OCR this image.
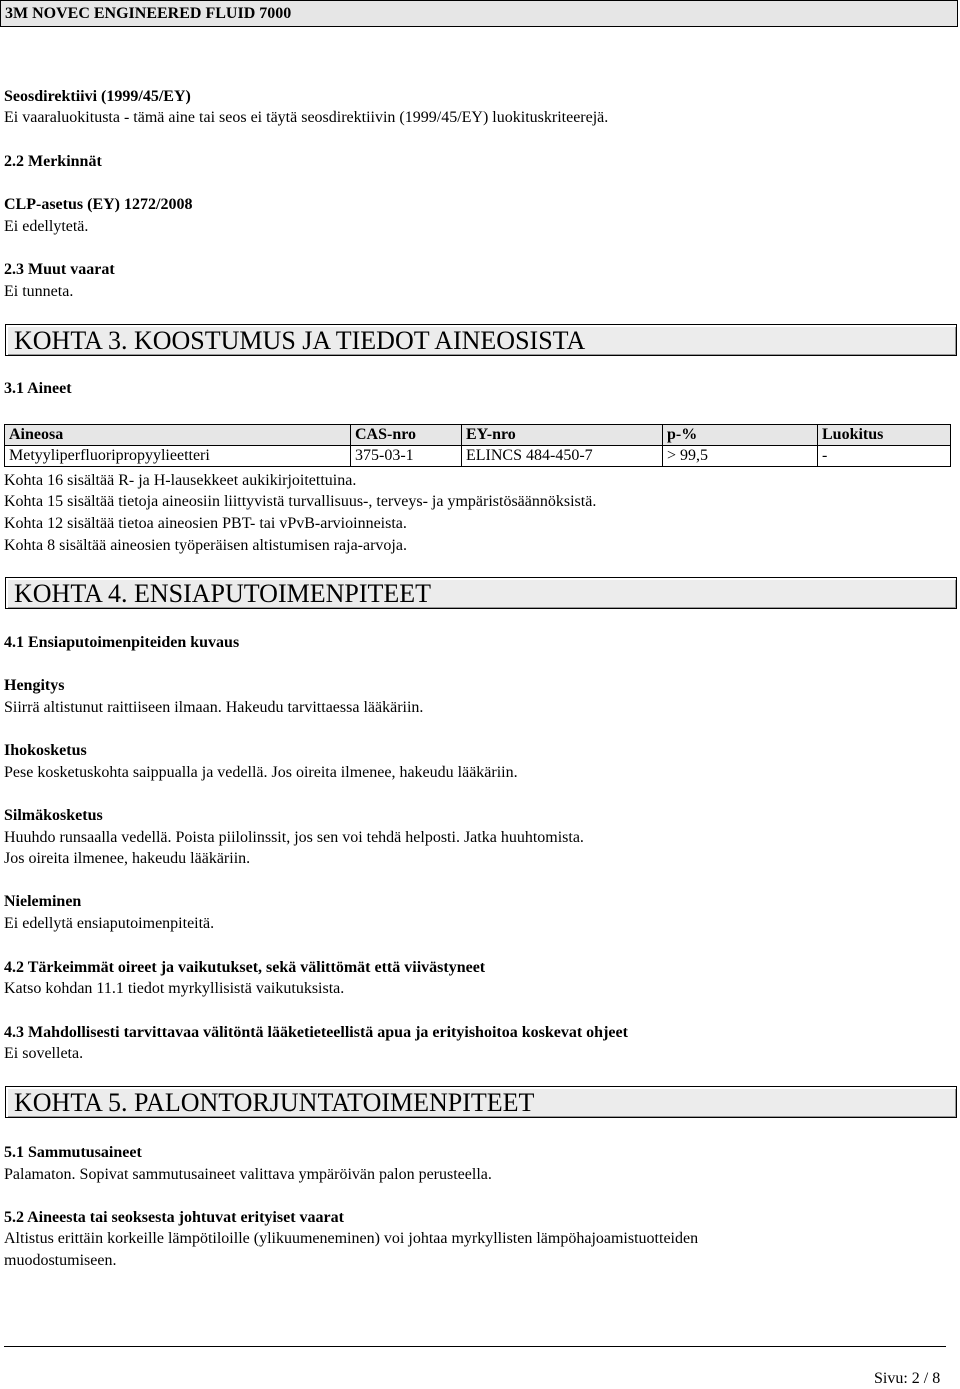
3M NOVEC ENGINEERED FLUID 7000
Seosdirektiivi (1999/45/EY)
Ei vaaraluokitusta - tämä aine tai seos ei täytä seosdirektiivin (1999/45/EY) luokituskriteerejä.
2.2 Merkinnät
CLP-asetus (EY) 1272/2008
Ei edellytetä.
2.3 Muut vaarat
Ei tunneta.
KOHTA 3. KOOSTUMUS JA TIEDOT AINEOSISTA
3.1 Aineet
Aineosa	CAS-nro	EY-nro	p-%	Luokitus
Metyyliperfluoripropyylieetteri	375-03-1	ELINCS 484-450-7	> 99,5	-
Kohta 16 sisältää R- ja H-lausekkeet aukikirjoitettuina.
Kohta 15 sisältää tietoja aineosiin liittyvistä turvallisuus-, terveys- ja ympäristösäännöksistä.
Kohta 12 sisältää tietoa aineosien PBT- tai vPvB-arvioinneista.
Kohta 8 sisältää aineosien työperäisen altistumisen raja-arvoja.
KOHTA 4. ENSIAPUTOIMENPITEET
4.1 Ensiaputoimenpiteiden kuvaus
Hengitys
Siirrä altistunut raittiiseen ilmaan. Hakeudu tarvittaessa lääkäriin.
Ihokosketus
Pese kosketuskohta saippualla ja vedellä. Jos oireita ilmenee, hakeudu lääkäriin.
Silmäkosketus
Huuhdo runsaalla vedellä. Poista piilolinssit, jos sen voi tehdä helposti. Jatka huuhtomista.
Jos oireita ilmenee, hakeudu lääkäriin.
Nieleminen
Ei edellytä ensiaputoimenpiteitä.
4.2 Tärkeimmät oireet ja vaikutukset, sekä välittömät että viivästyneet
Katso kohdan 11.1 tiedot myrkyllisistä vaikutuksista.
4.3 Mahdollisesti tarvittavaa välitöntä lääketieteellistä apua ja erityishoitoa koskevat ohjeet
Ei sovelleta.
KOHTA 5. PALONTORJUNTATOIMENPITEET
5.1 Sammutusaineet
Palamaton. Sopivat sammutusaineet valittava ympäröivän palon perusteella.
5.2 Aineesta tai seoksesta johtuvat erityiset vaarat
Altistus erittäin korkeille lämpötiloille (ylikuumeneminen) voi johtaa myrkyllisten lämpöhajoamistuotteiden
muodostumiseen.
Sivu: 2 / 8
